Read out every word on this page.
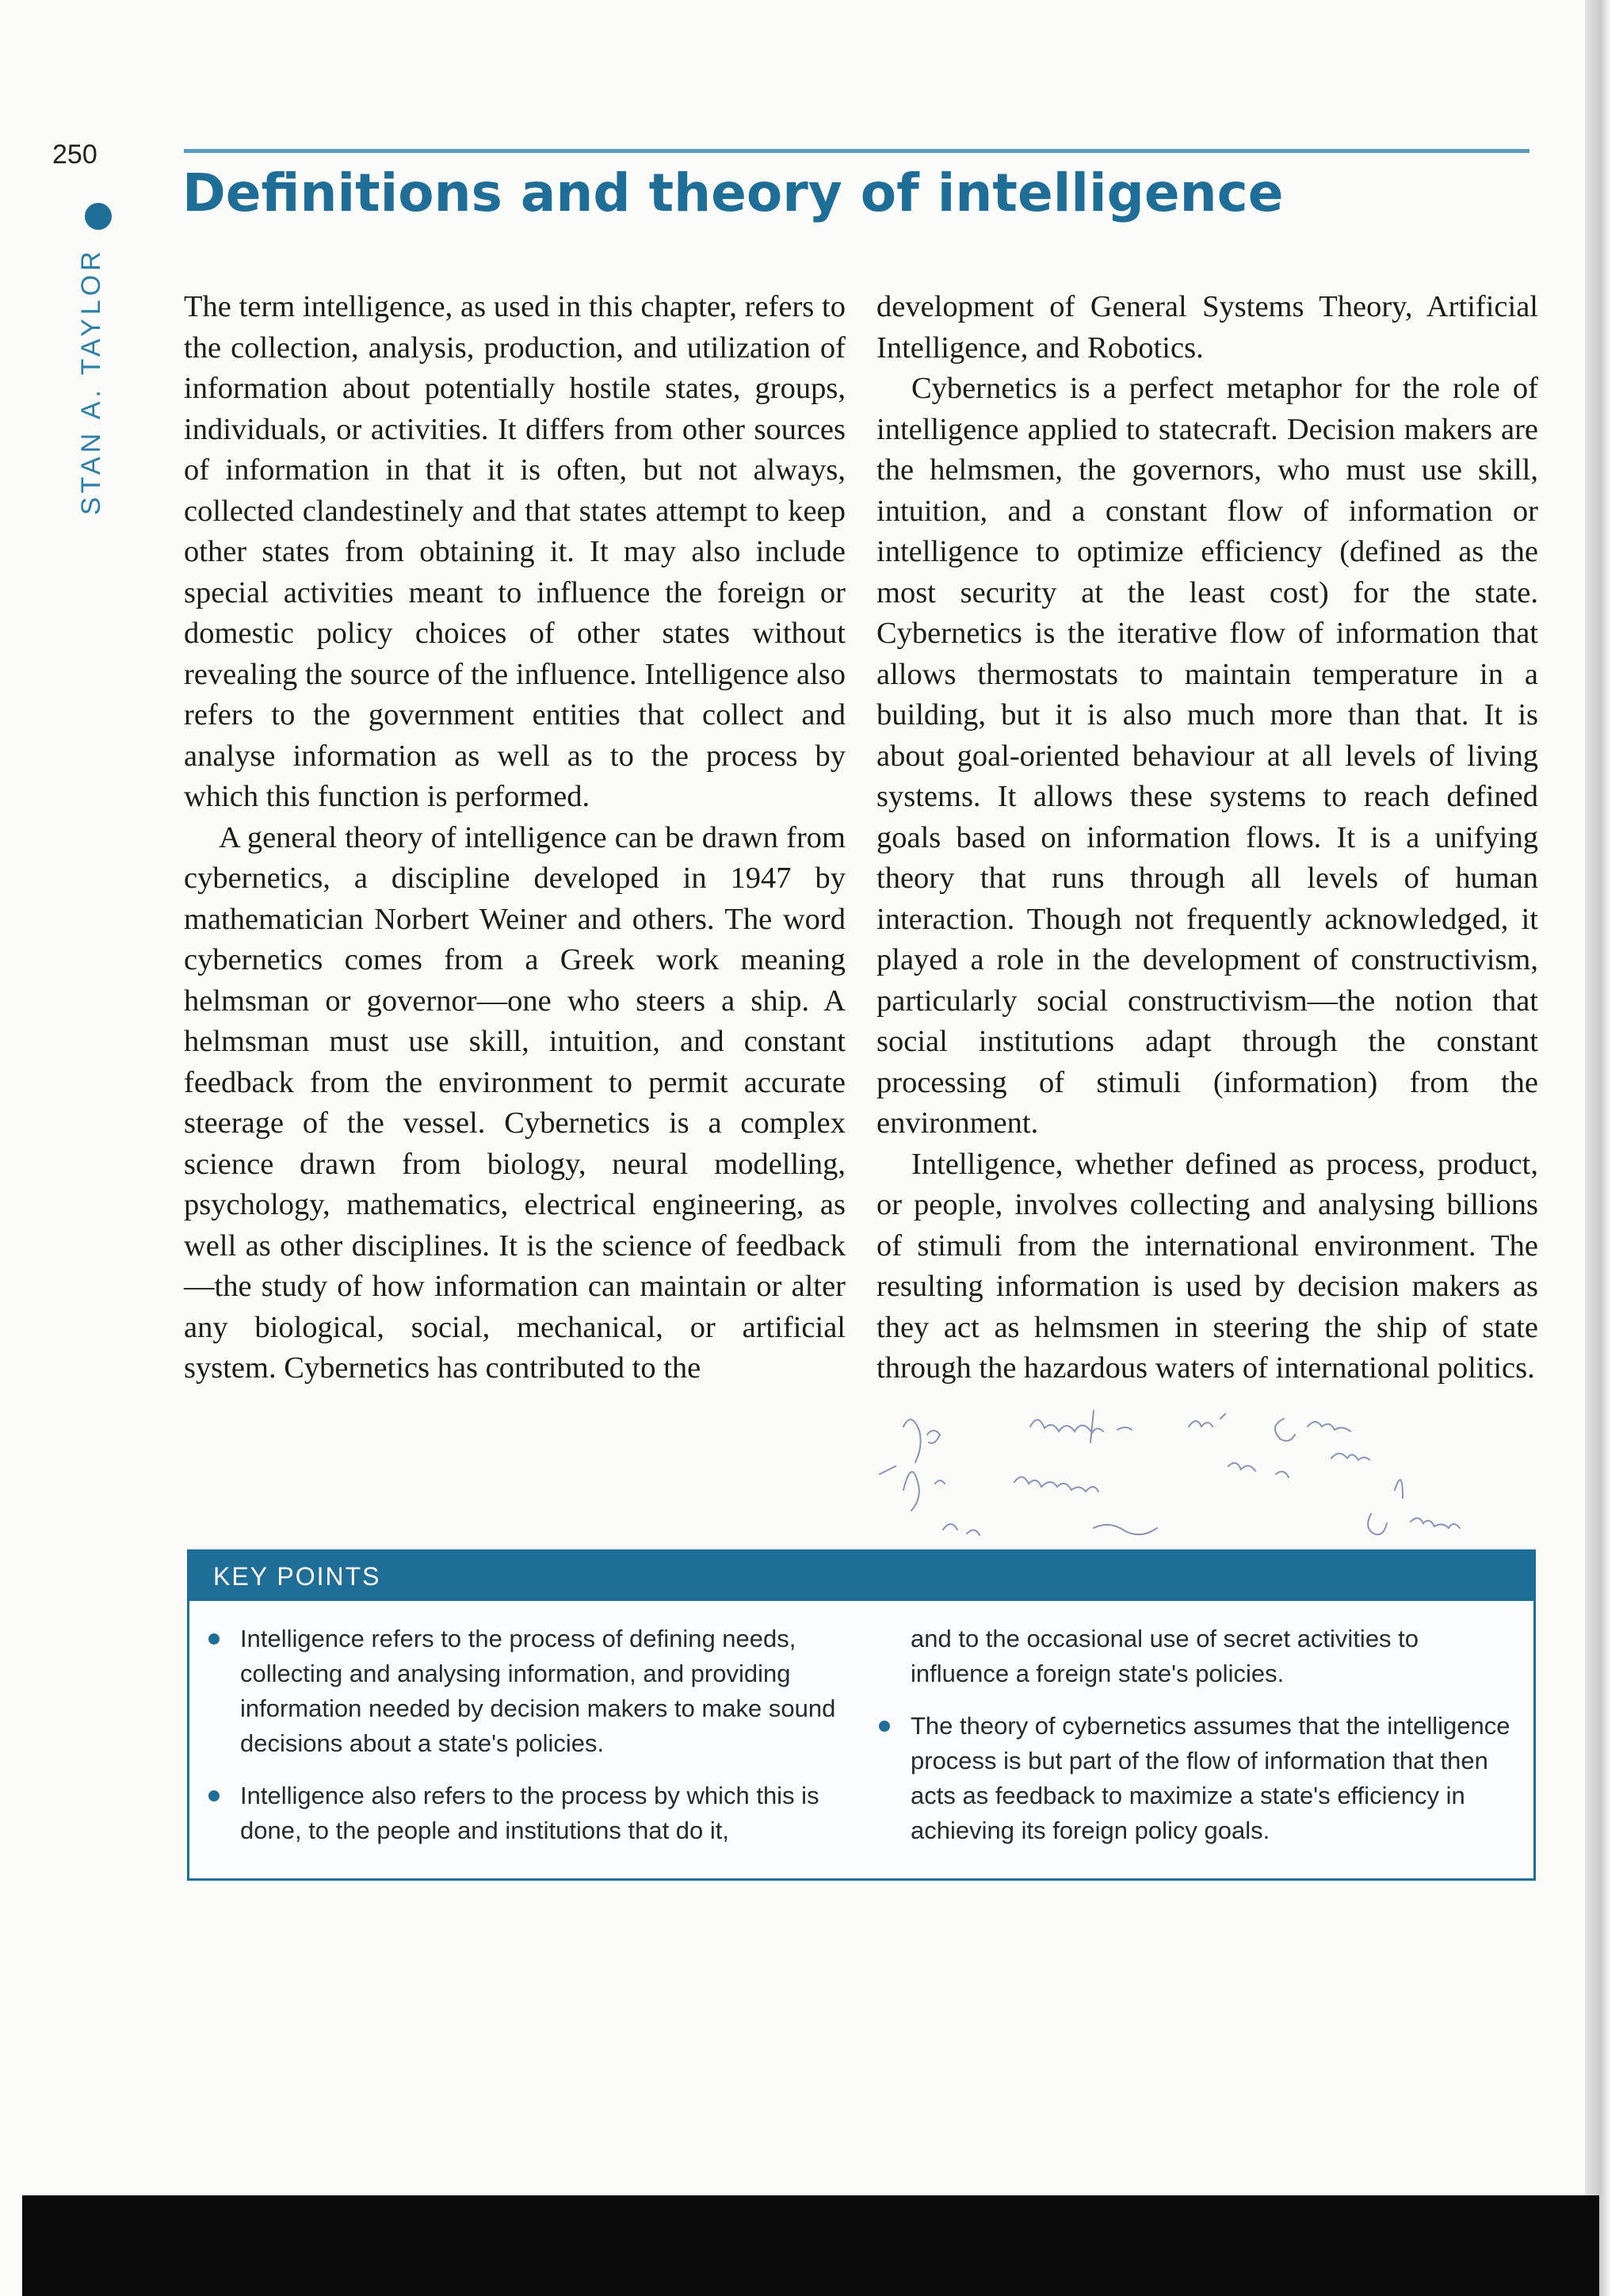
250
STAN A. TAYLOR
Definitions and theory of intelligence

The term intelligence, as used in this chapter, refers to the collection, analysis, production, and utilization of information about potentially hostile states, groups, individuals, or activities. It differs from other sources of information in that it is often, but not always, collected clandestinely and that states attempt to keep other states from obtaining it. It may also include special activities meant to influence the foreign or domestic policy choices of other states without revealing the source of the influence. Intelligence also refers to the government entities that collect and analyse information as well as to the process by which this function is performed.

A general theory of intelligence can be drawn from cybernetics, a discipline developed in 1947 by mathematician Norbert Weiner and others. The word cybernetics comes from a Greek work meaning helmsman or governor—one who steers a ship. A helmsman must use skill, intuition, and constant feedback from the environment to permit accurate steerage of the vessel. Cybernetics is a complex science drawn from biology, neural modelling, psychology, mathematics, electrical engineering, as well as other disciplines. It is the science of feedback—the study of how information can maintain or alter any biological, social, mechanical, or artificial system. Cybernetics has contributed to the

development of General Systems Theory, Artificial Intelligence, and Robotics.

Cybernetics is a perfect metaphor for the role of intelligence applied to statecraft. Decision makers are the helmsmen, the governors, who must use skill, intuition, and a constant flow of information or intelligence to optimize efficiency (defined as the most security at the least cost) for the state. Cybernetics is the iterative flow of information that allows thermostats to maintain temperature in a building, but it is also much more than that. It is about goal-oriented behaviour at all levels of living systems. It allows these systems to reach defined goals based on information flows. It is a unifying theory that runs through all levels of human interaction. Though not frequently acknowledged, it played a role in the development of constructivism, particularly social constructivism—the notion that social institutions adapt through the constant processing of stimuli (information) from the environment.

Intelligence, whether defined as process, product, or people, involves collecting and analysing billions of stimuli from the international environment. The resulting information is used by decision makers as they act as helmsmen in steering the ship of state through the hazardous waters of international politics.

KEY POINTS
Intelligence refers to the process of defining needs, collecting and analysing information, and providing information needed by decision makers to make sound decisions about a state's policies.
Intelligence also refers to the process by which this is done, to the people and institutions that do it,
and to the occasional use of secret activities to influence a foreign state's policies.
The theory of cybernetics assumes that the intelligence process is but part of the flow of information that then acts as feedback to maximize a state's efficiency in achieving its foreign policy goals.
